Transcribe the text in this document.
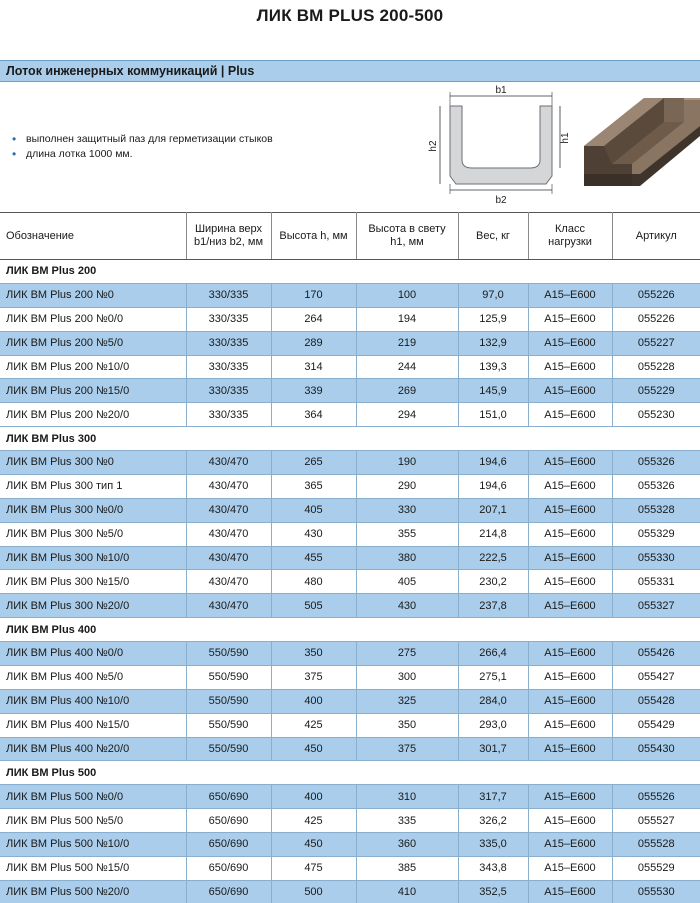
ЛИК BM PLUS 200-500
Лоток инженерных коммуникаций | Plus
• выполнен защитный паз для герметизации стыков
• длина лотка 1000 мм.
b1
h2
h1
b2
Обозначение	Ширина верх b1/низ b2, мм	Высота h, мм	Высота в свету h1, мм	Вес, кг	Класс нагрузки	Артикул
ЛИК BM Plus 200						
ЛИК BM Plus 200 №0	330/335	170	100	97,0	A15–E600	055226
ЛИК BM Plus 200 №0/0	330/335	264	194	125,9	A15–E600	055226
ЛИК BM Plus 200 №5/0	330/335	289	219	132,9	A15–E600	055227
ЛИК BM Plus 200 №10/0	330/335	314	244	139,3	A15–E600	055228
ЛИК BM Plus 200 №15/0	330/335	339	269	145,9	A15–E600	055229
ЛИК BM Plus 200 №20/0	330/335	364	294	151,0	A15–E600	055230
ЛИК BM Plus 300						
ЛИК BM Plus 300 №0	430/470	265	190	194,6	A15–E600	055326
ЛИК BM Plus 300 тип 1	430/470	365	290	194,6	A15–E600	055326
ЛИК BM Plus 300 №0/0	430/470	405	330	207,1	A15–E600	055328
ЛИК BM Plus 300 №5/0	430/470	430	355	214,8	A15–E600	055329
ЛИК BM Plus 300 №10/0	430/470	455	380	222,5	A15–E600	055330
ЛИК BM Plus 300 №15/0	430/470	480	405	230,2	A15–E600	055331
ЛИК BM Plus 300 №20/0	430/470	505	430	237,8	A15–E600	055327
ЛИК BM Plus 400						
ЛИК BM Plus 400 №0/0	550/590	350	275	266,4	A15–E600	055426
ЛИК BM Plus 400 №5/0	550/590	375	300	275,1	A15–E600	055427
ЛИК BM Plus 400 №10/0	550/590	400	325	284,0	A15–E600	055428
ЛИК BM Plus 400 №15/0	550/590	425	350	293,0	A15–E600	055429
ЛИК BM Plus 400 №20/0	550/590	450	375	301,7	A15–E600	055430
ЛИК BM Plus 500						
ЛИК BM Plus 500 №0/0	650/690	400	310	317,7	A15–E600	055526
ЛИК BM Plus 500 №5/0	650/690	425	335	326,2	A15–E600	055527
ЛИК BM Plus 500 №10/0	650/690	450	360	335,0	A15–E600	055528
ЛИК BM Plus 500 №15/0	650/690	475	385	343,8	A15–E600	055529
ЛИК BM Plus 500 №20/0	650/690	500	410	352,5	A15–E600	055530
